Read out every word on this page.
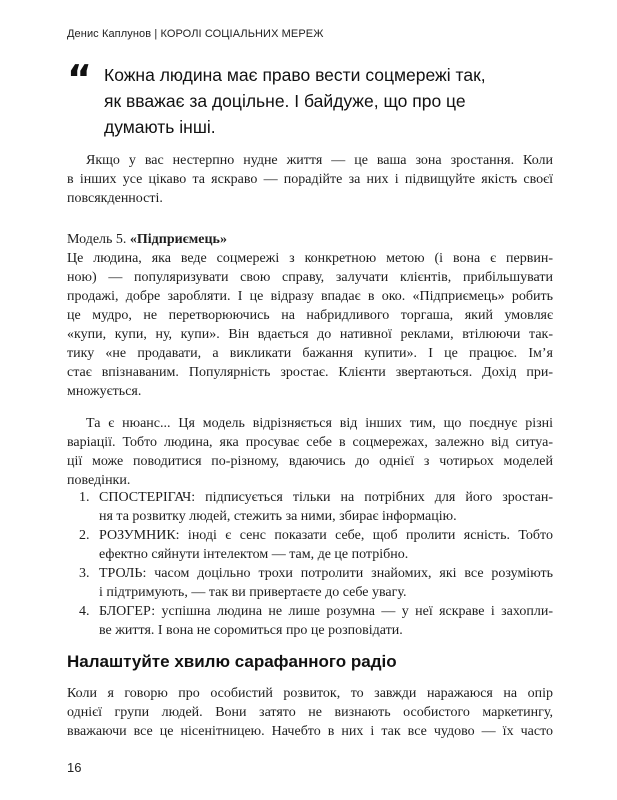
Денис Каплунов | КОРОЛІ СОЦІАЛЬНИХ МЕРЕЖ
“ Кожна людина має право вести соцмережі так,
як вважає за доцільне. І байдуже, що про це
думають інші.
Якщо у вас нестерпно нудне життя — це ваша зона зростання. Коли
в інших усе цікаво та яскраво — порадійте за них і підвищуйте якість своєї
повсякденності.
Модель 5. «Підприємець»
Це людина, яка веде соцмережі з конкретною метою (і вона є первин-
ною) — популяризувати свою справу, залучати клієнтів, прибільшувати
продажі, добре заробляти. І це відразу впадає в око. «Підприємець» робить
це мудро, не перетворюючись на набридливого торгаша, який умовляє
«купи, купи, ну, купи». Він вдається до нативної реклами, втілюючи так-
тику «не продавати, а викликати бажання купити». І це працює. Ім’я
стає впізнаваним. Популярність зростає. Клієнти звертаються. Дохід при-
множується.
Та є нюанс... Ця модель відрізняється від інших тим, що поєднує різні
варіації. Тобто людина, яка просуває себе в соцмережах, залежно від ситуа-
ції може поводитися по-різному, вдаючись до однієї з чотирьох моделей
поведінки.
1. СПОСТЕРІГАЧ: підписується тільки на потрібних для його зростан-
ня та розвитку людей, стежить за ними, збирає інформацію.
2. РОЗУМНИК: іноді є сенс показати себе, щоб пролити ясність. Тобто
ефектно сяйнути інтелектом — там, де це потрібно.
3. ТРОЛЬ: часом доцільно трохи потролити знайомих, які все розуміють
і підтримують, — так ви привертаєте до себе увагу.
4. БЛОГЕР: успішна людина не лише розумна — у неї яскраве і захопли-
ве життя. І вона не соромиться про це розповідати.
Налаштуйте хвилю сарафанного радіо
Коли я говорю про особистий розвиток, то завжди наражаюся на опір
однієї групи людей. Вони затято не визнають особистого маркетингу,
вважаючи все це нісенітницею. Начебто в них і так все чудово — їх часто
16
